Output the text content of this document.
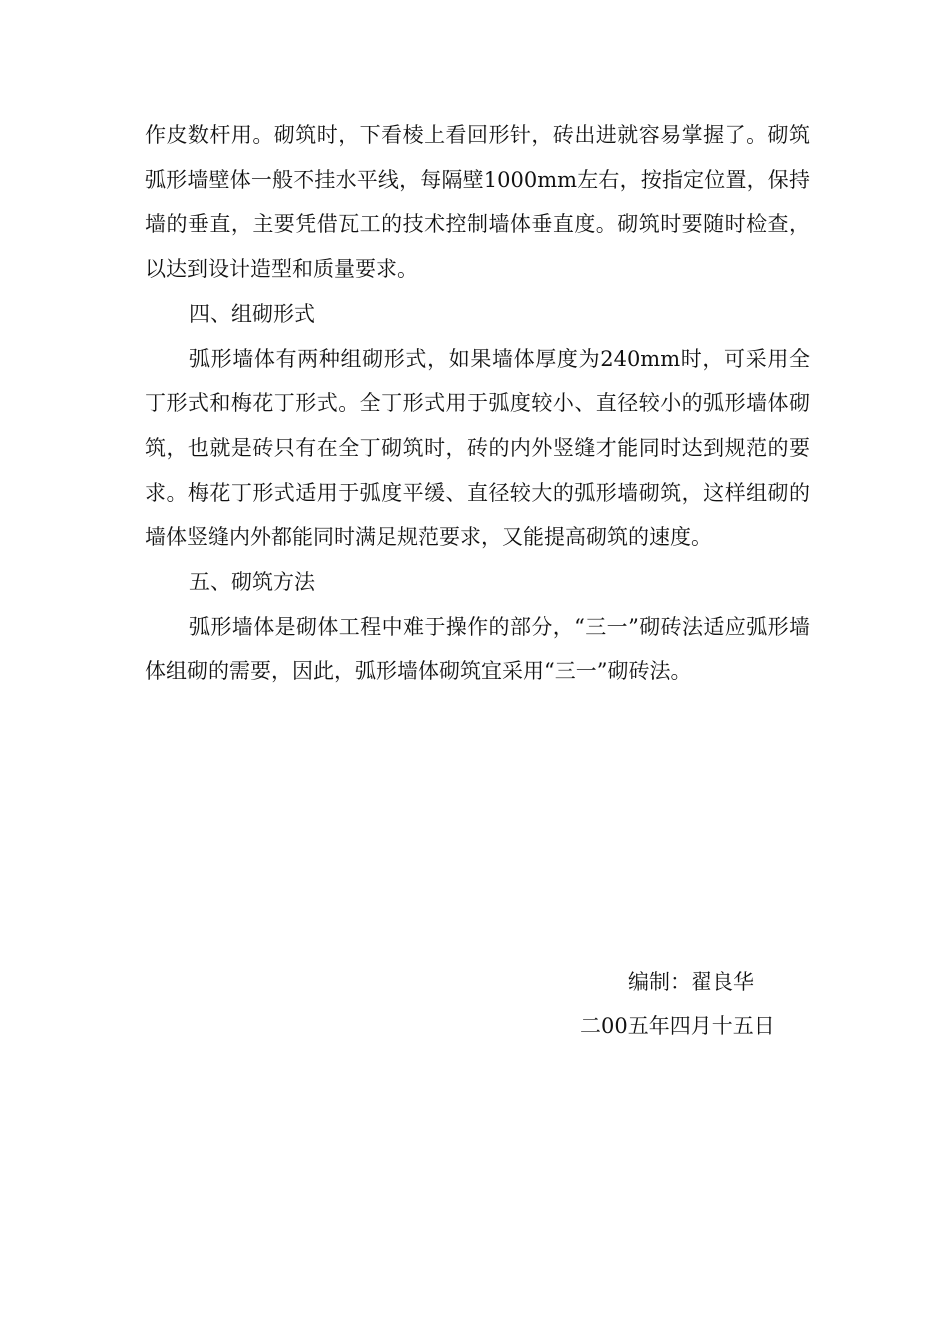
作皮数杆用。砌筑时，下看棱上看回形针，砖出进就容易掌握了。砌筑弧形墙壁体一般不挂水平线，每隔壁1000mm左右，按指定位置，保持墙的垂直，主要凭借瓦工的技术控制墙体垂直度。砌筑时要随时检查，以达到设计造型和质量要求。

四、组砌形式

弧形墙体有两种组砌形式，如果墙体厚度为240mm时，可采用全丁形式和梅花丁形式。全丁形式用于弧度较小、直径较小的弧形墙体砌筑，也就是砖只有在全丁砌筑时，砖的内外竖缝才能同时达到规范的要求。梅花丁形式适用于弧度平缓、直径较大的弧形墙砌筑，这样组砌的墙体竖缝内外都能同时满足规范要求，又能提高砌筑的速度。

五、砌筑方法

弧形墙体是砌体工程中难于操作的部分，“三一”砌砖法适应弧形墙体组砌的需要，因此，弧形墙体砌筑宜采用“三一”砌砖法。

编制：翟良华

二00五年四月十五日
